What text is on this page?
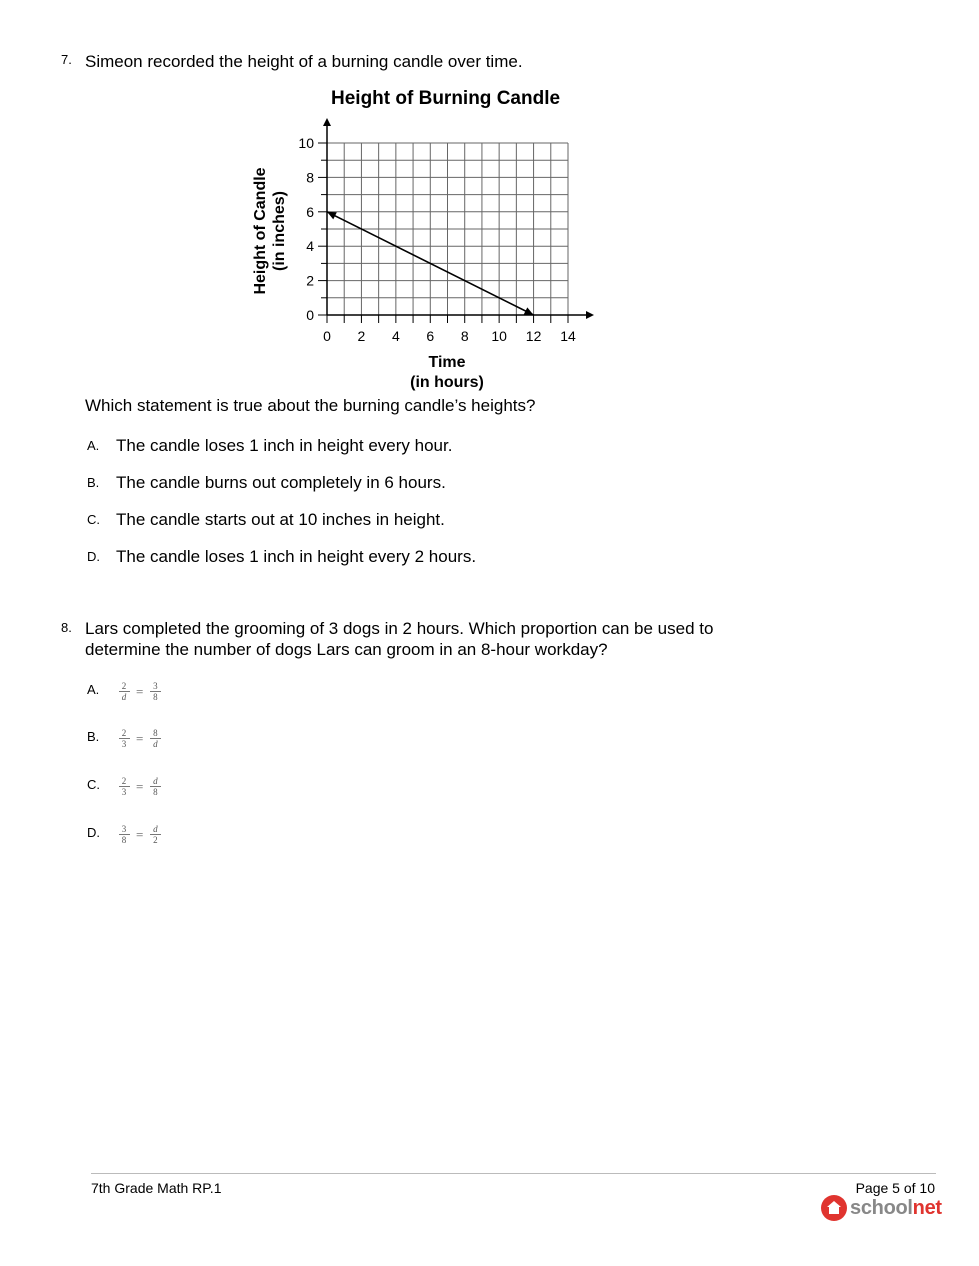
7. Simeon recorded the height of a burning candle over time.
Height of Burning Candle
0 2 4 6 8 10 12 14
0
2
4
6
8
10
Time
(in hours)
Height of Candle (in inches)
Which statement is true about the burning candle’s heights?
A. The candle loses 1 inch in height every hour.
B. The candle burns out completely in 6 hours.
C. The candle starts out at 10 inches in height.
D. The candle loses 1 inch in height every 2 hours.
8. Lars completed the grooming of 3 dogs in 2 hours. Which proportion can be used to
determine the number of dogs Lars can groom in an 8-hour workday?
A. $\frac{2}{d} = \frac{3}{8}$
B. $\frac{2}{3} = \frac{8}{d}$
C. $\frac{2}{3} = \frac{d}{8}$
D. $\frac{3}{8} = \frac{d}{2}$
7th Grade Math RP.1	Page 5 of 10
schoolnet
